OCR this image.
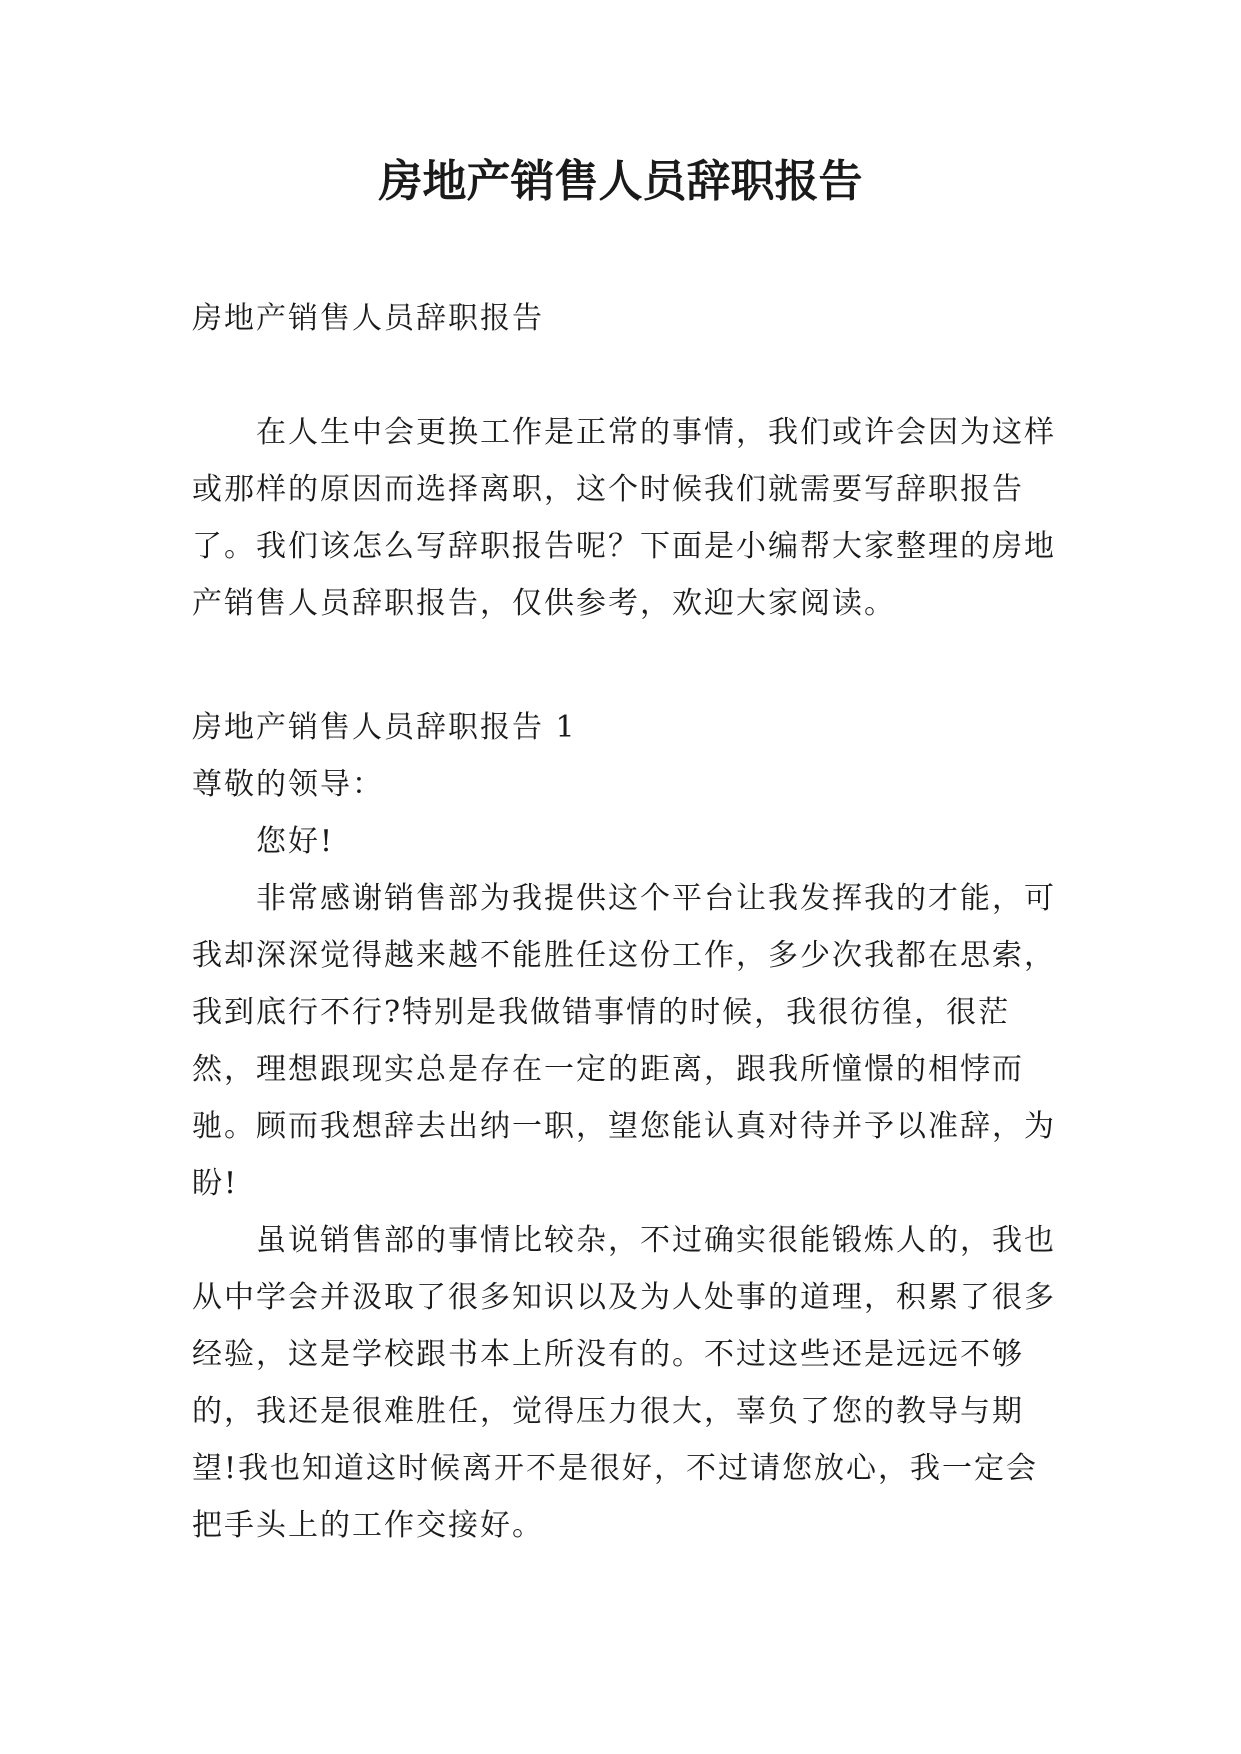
房地产销售人员辞职报告

房地产销售人员辞职报告

在人生中会更换工作是正常的事情，我们或许会因为这样或那样的原因而选择离职，这个时候我们就需要写辞职报告了。我们该怎么写辞职报告呢？下面是小编帮大家整理的房地产销售人员辞职报告，仅供参考，欢迎大家阅读。

房地产销售人员辞职报告 1

尊敬的领导：

您好!

非常感谢销售部为我提供这个平台让我发挥我的才能，可我却深深觉得越来越不能胜任这份工作，多少次我都在思索，我到底行不行?特别是我做错事情的时候，我很彷徨，很茫然，理想跟现实总是存在一定的距离，跟我所憧憬的相悖而驰。顾而我想辞去出纳一职，望您能认真对待并予以准辞，为盼!

虽说销售部的事情比较杂，不过确实很能锻炼人的，我也从中学会并汲取了很多知识以及为人处事的道理，积累了很多经验，这是学校跟书本上所没有的。不过这些还是远远不够的，我还是很难胜任，觉得压力很大，辜负了您的教导与期望!我也知道这时候离开不是很好，不过请您放心，我一定会把手头上的工作交接好。
